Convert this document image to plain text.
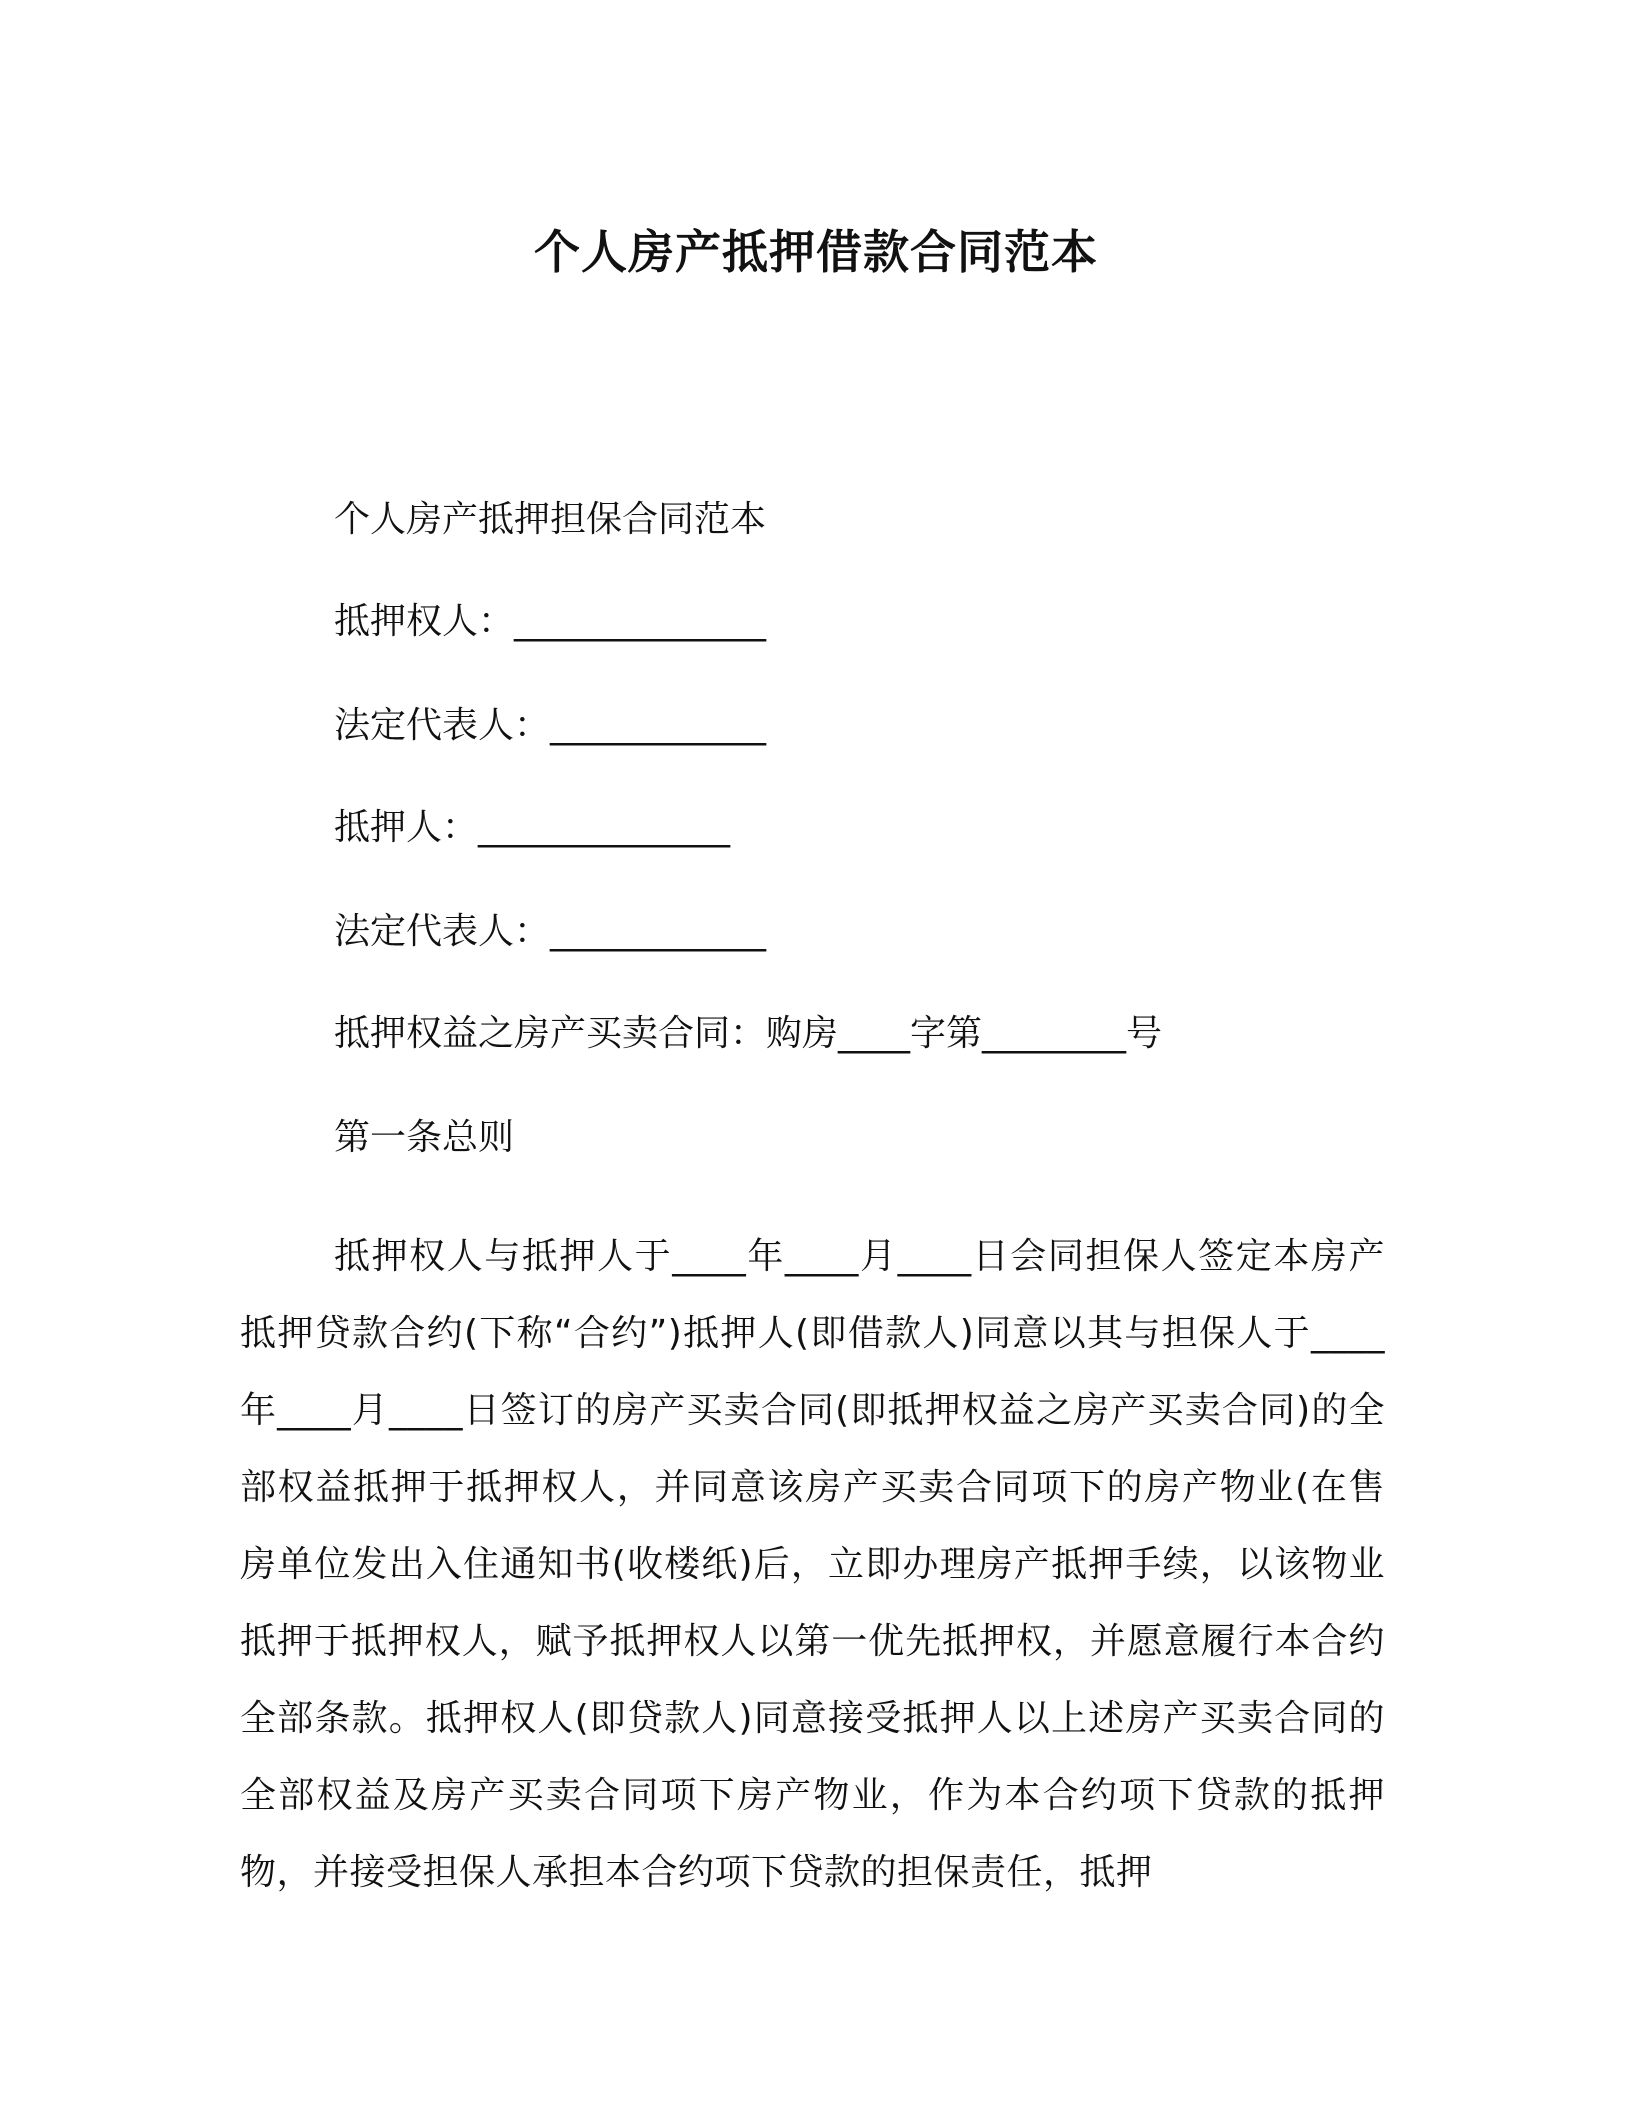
个人房产抵押借款合同范本

个人房产抵押担保合同范本

抵押权人：______________

法定代表人：____________

抵押人：______________

法定代表人：____________

抵押权益之房产买卖合同：购房____字第________号

第一条总则

抵押权人与抵押人于____年____月____日会同担保人签定本房产抵押贷款合约(下称“合约”)抵押人(即借款人)同意以其与担保人于____年____月____日签订的房产买卖合同(即抵押权益之房产买卖合同)的全部权益抵押于抵押权人，并同意该房产买卖合同项下的房产物业(在售房单位发出入住通知书(收楼纸)后，立即办理房产抵押手续，以该物业抵押于抵押权人，赋予抵押权人以第一优先抵押权，并愿意履行本合约全部条款。抵押权人(即贷款人)同意接受抵押人以上述房产买卖合同的全部权益及房产买卖合同项下房产物业，作为本合约项下贷款的抵押物，并接受担保人承担本合约项下贷款的担保责任，抵押
